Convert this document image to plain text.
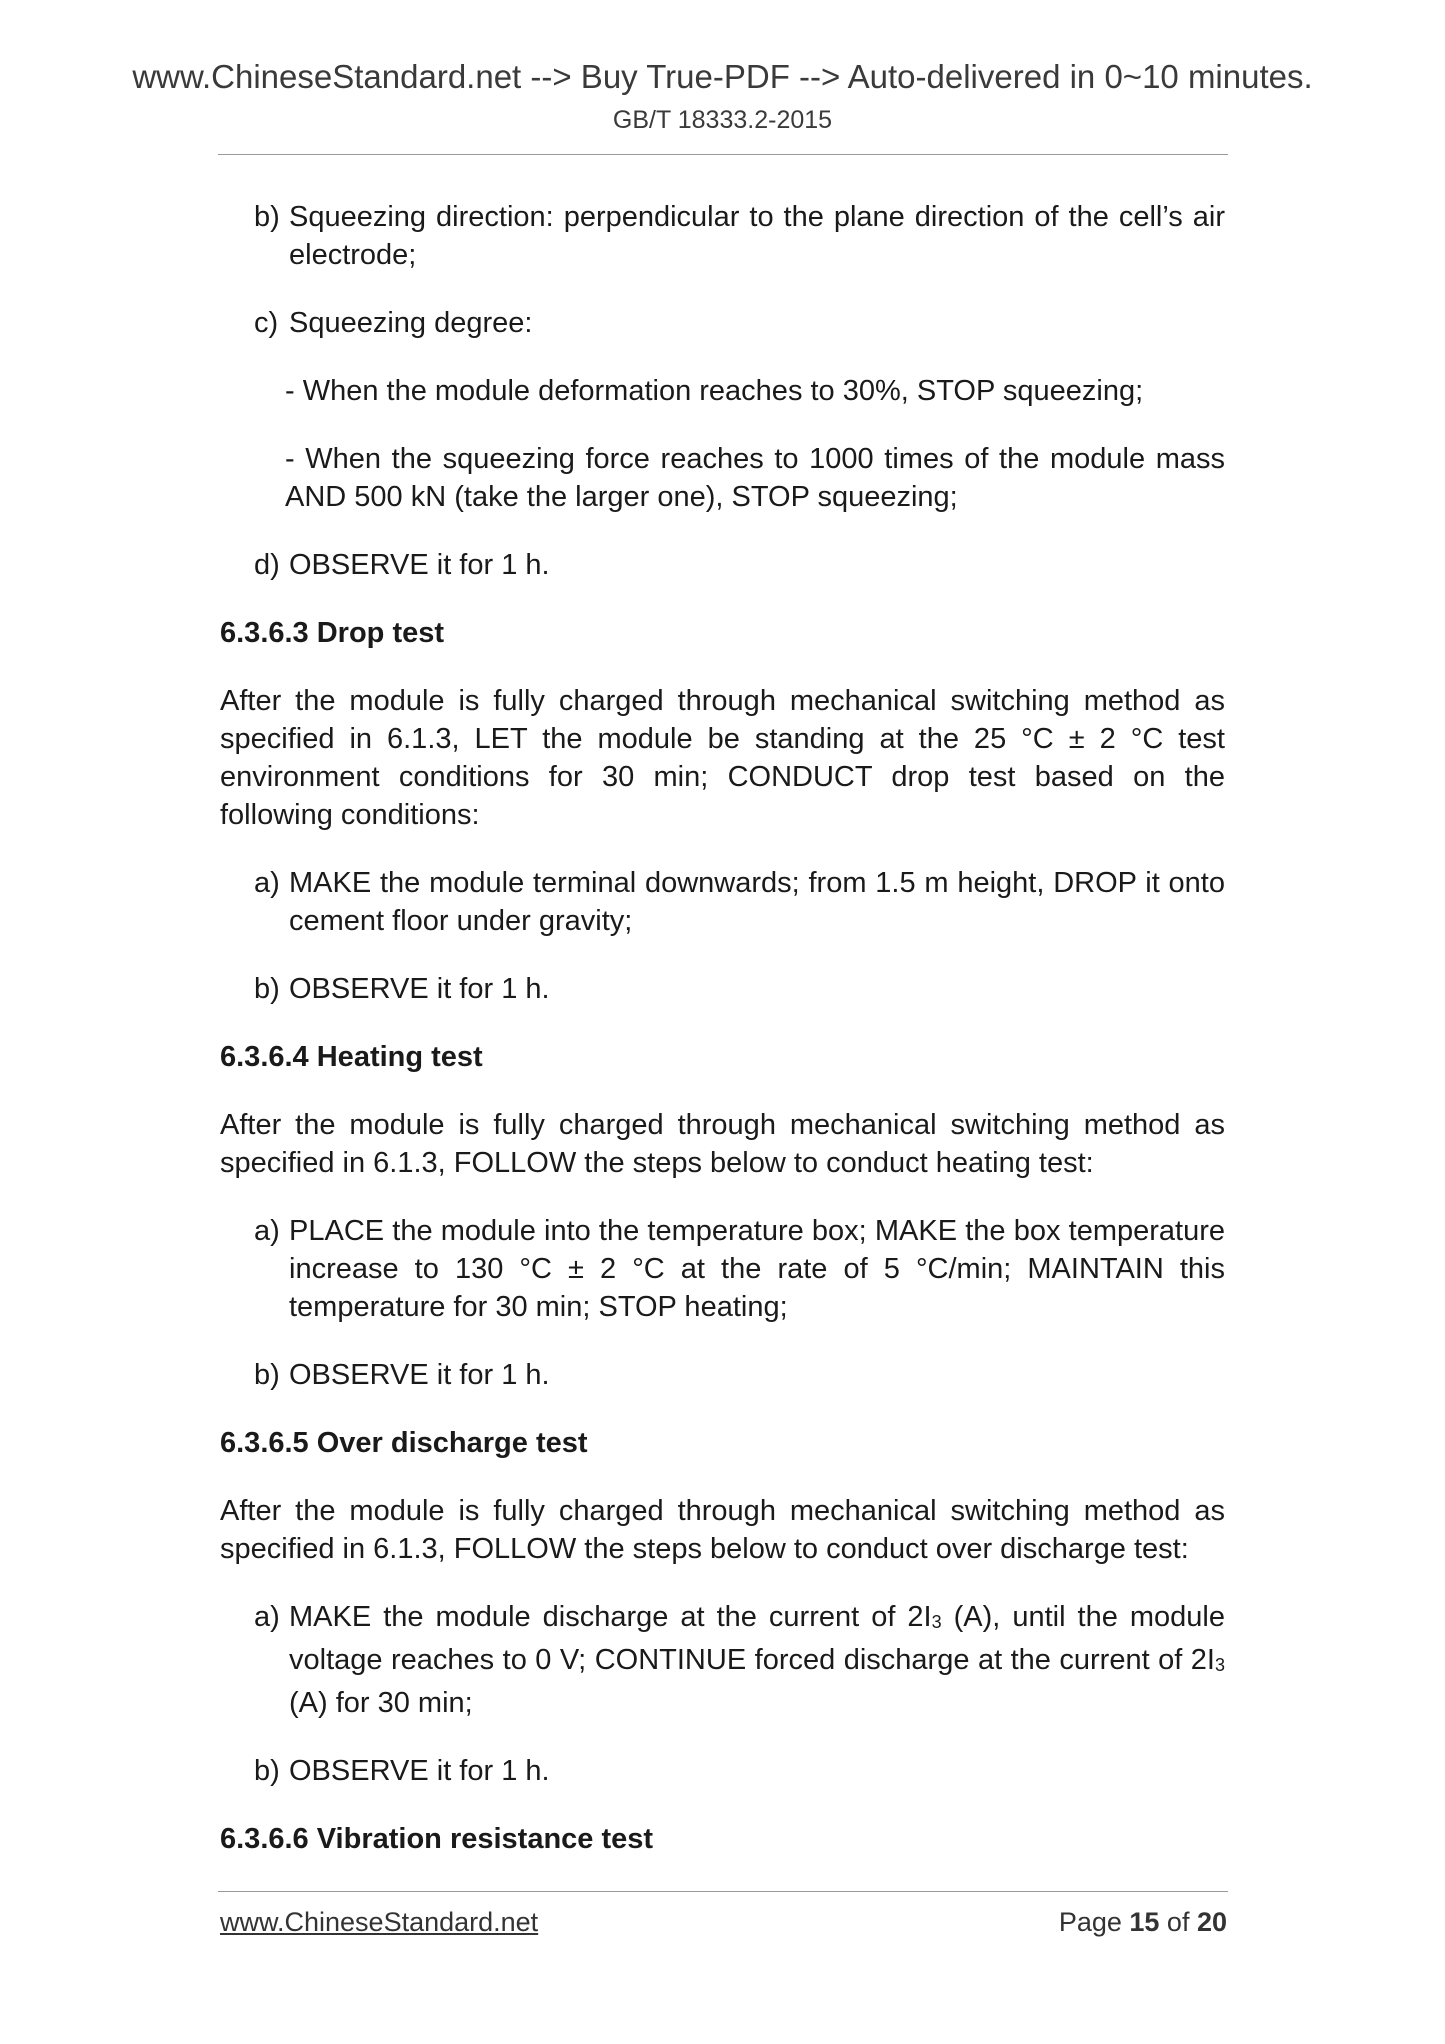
www.ChineseStandard.net --> Buy True-PDF --> Auto-delivered in 0~10 minutes.
GB/T 18333.2-2015
b) Squeezing direction: perpendicular to the plane direction of the cell’s air electrode;
c) Squeezing degree:
- When the module deformation reaches to 30%, STOP squeezing;
- When the squeezing force reaches to 1000 times of the module mass AND 500 kN (take the larger one), STOP squeezing;
d) OBSERVE it for 1 h.
6.3.6.3 Drop test
After the module is fully charged through mechanical switching method as specified in 6.1.3, LET the module be standing at the 25 °C ± 2 °C test environment conditions for 30 min; CONDUCT drop test based on the following conditions:
a) MAKE the module terminal downwards; from 1.5 m height, DROP it onto cement floor under gravity;
b) OBSERVE it for 1 h.
6.3.6.4 Heating test
After the module is fully charged through mechanical switching method as specified in 6.1.3, FOLLOW the steps below to conduct heating test:
a) PLACE the module into the temperature box; MAKE the box temperature increase to 130 °C ± 2 °C at the rate of 5 °C/min; MAINTAIN this temperature for 30 min; STOP heating;
b) OBSERVE it for 1 h.
6.3.6.5 Over discharge test
After the module is fully charged through mechanical switching method as specified in 6.1.3, FOLLOW the steps below to conduct over discharge test:
a) MAKE the module discharge at the current of $2I_3$ (A), until the module voltage reaches to 0 V; CONTINUE forced discharge at the current of $2I_3$ (A) for 30 min;
b) OBSERVE it for 1 h.
6.3.6.6 Vibration resistance test
www.ChineseStandard.net	Page 15 of 20
